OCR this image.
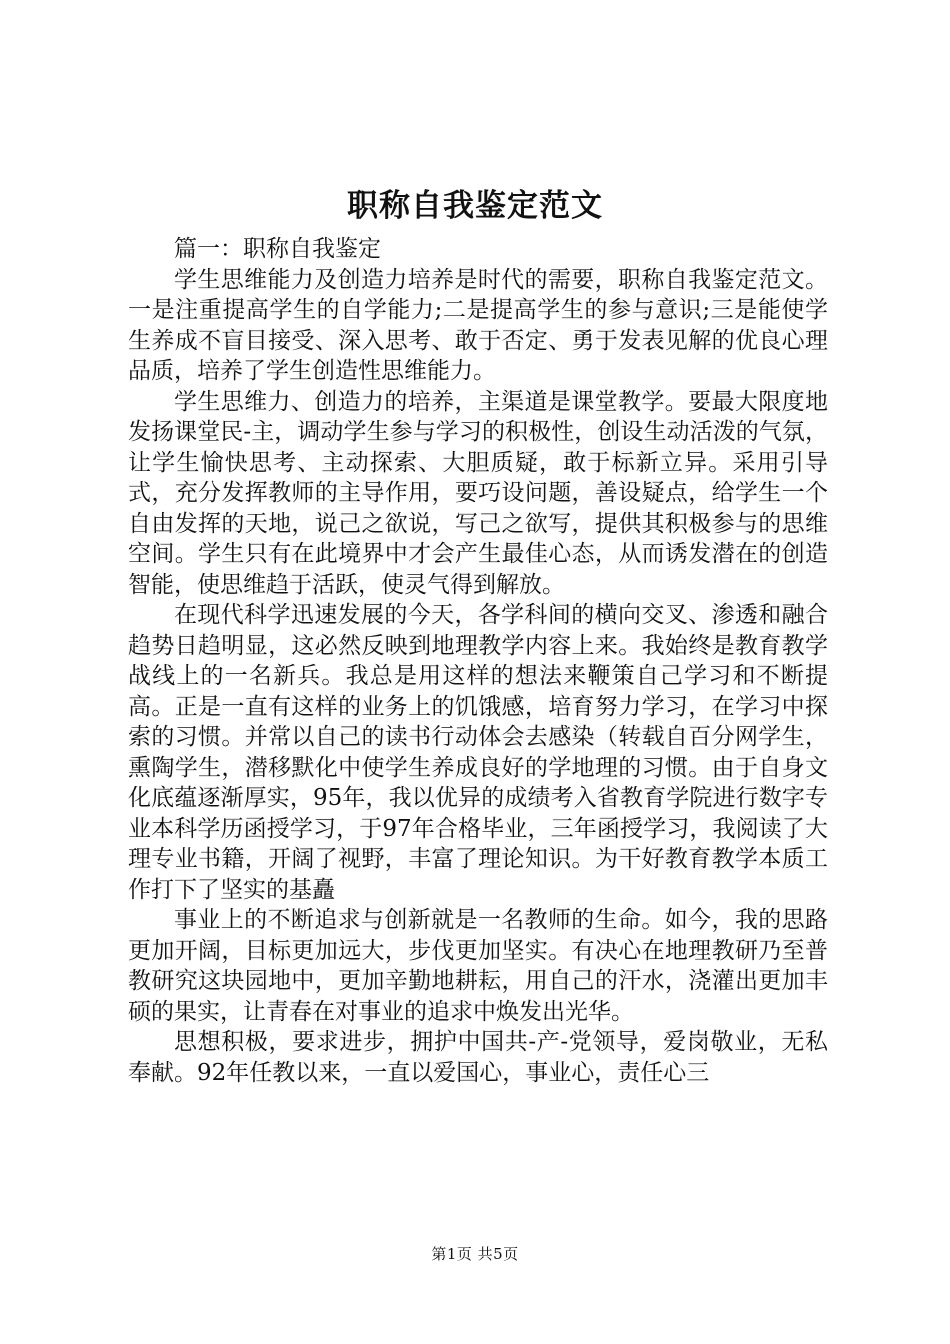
职称自我鉴定范文

篇一：职称自我鉴定

学生思维能力及创造力培养是时代的需要，职称自我鉴定范文。一是注重提高学生的自学能力;二是提高学生的参与意识;三是能使学生养成不盲目接受、深入思考、敢于否定、勇于发表见解的优良心理品质，培养了学生创造性思维能力。

学生思维力、创造力的培养，主渠道是课堂教学。要最大限度地发扬课堂民-主，调动学生参与学习的积极性，创设生动活泼的气氛，让学生愉快思考、主动探索、大胆质疑，敢于标新立异。采用引导式，充分发挥教师的主导作用，要巧设问题，善设疑点，给学生一个自由发挥的天地，说己之欲说，写己之欲写，提供其积极参与的思维空间。学生只有在此境界中才会产生最佳心态，从而诱发潜在的创造智能，使思维趋于活跃，使灵气得到解放。

在现代科学迅速发展的今天，各学科间的横向交叉、渗透和融合趋势日趋明显，这必然反映到地理教学内容上来。我始终是教育教学战线上的一名新兵。我总是用这样的想法来鞭策自己学习和不断提高。正是一直有这样的业务上的饥饿感，培育努力学习，在学习中探索的习惯。并常以自己的读书行动体会去感染（转载自百分网学生，熏陶学生，潜移默化中使学生养成良好的学地理的习惯。由于自身文化底蕴逐渐厚实，95年，我以优异的成绩考入省教育学院进行数字专业本科学历函授学习，于97年合格毕业，三年函授学习，我阅读了大理专业书籍，开阔了视野，丰富了理论知识。为干好教育教学本质工作打下了坚实的基矗

事业上的不断追求与创新就是一名教师的生命。如今，我的思路更加开阔，目标更加远大，步伐更加坚实。有决心在地理教研乃至普教研究这块园地中，更加辛勤地耕耘，用自己的汗水，浇灌出更加丰硕的果实，让青春在对事业的追求中焕发出光华。

思想积极，要求进步，拥护中国共-产-党领导，爱岗敬业，无私奉献。92年任教以来，一直以爱国心，事业心，责任心三

第1页 共5页
